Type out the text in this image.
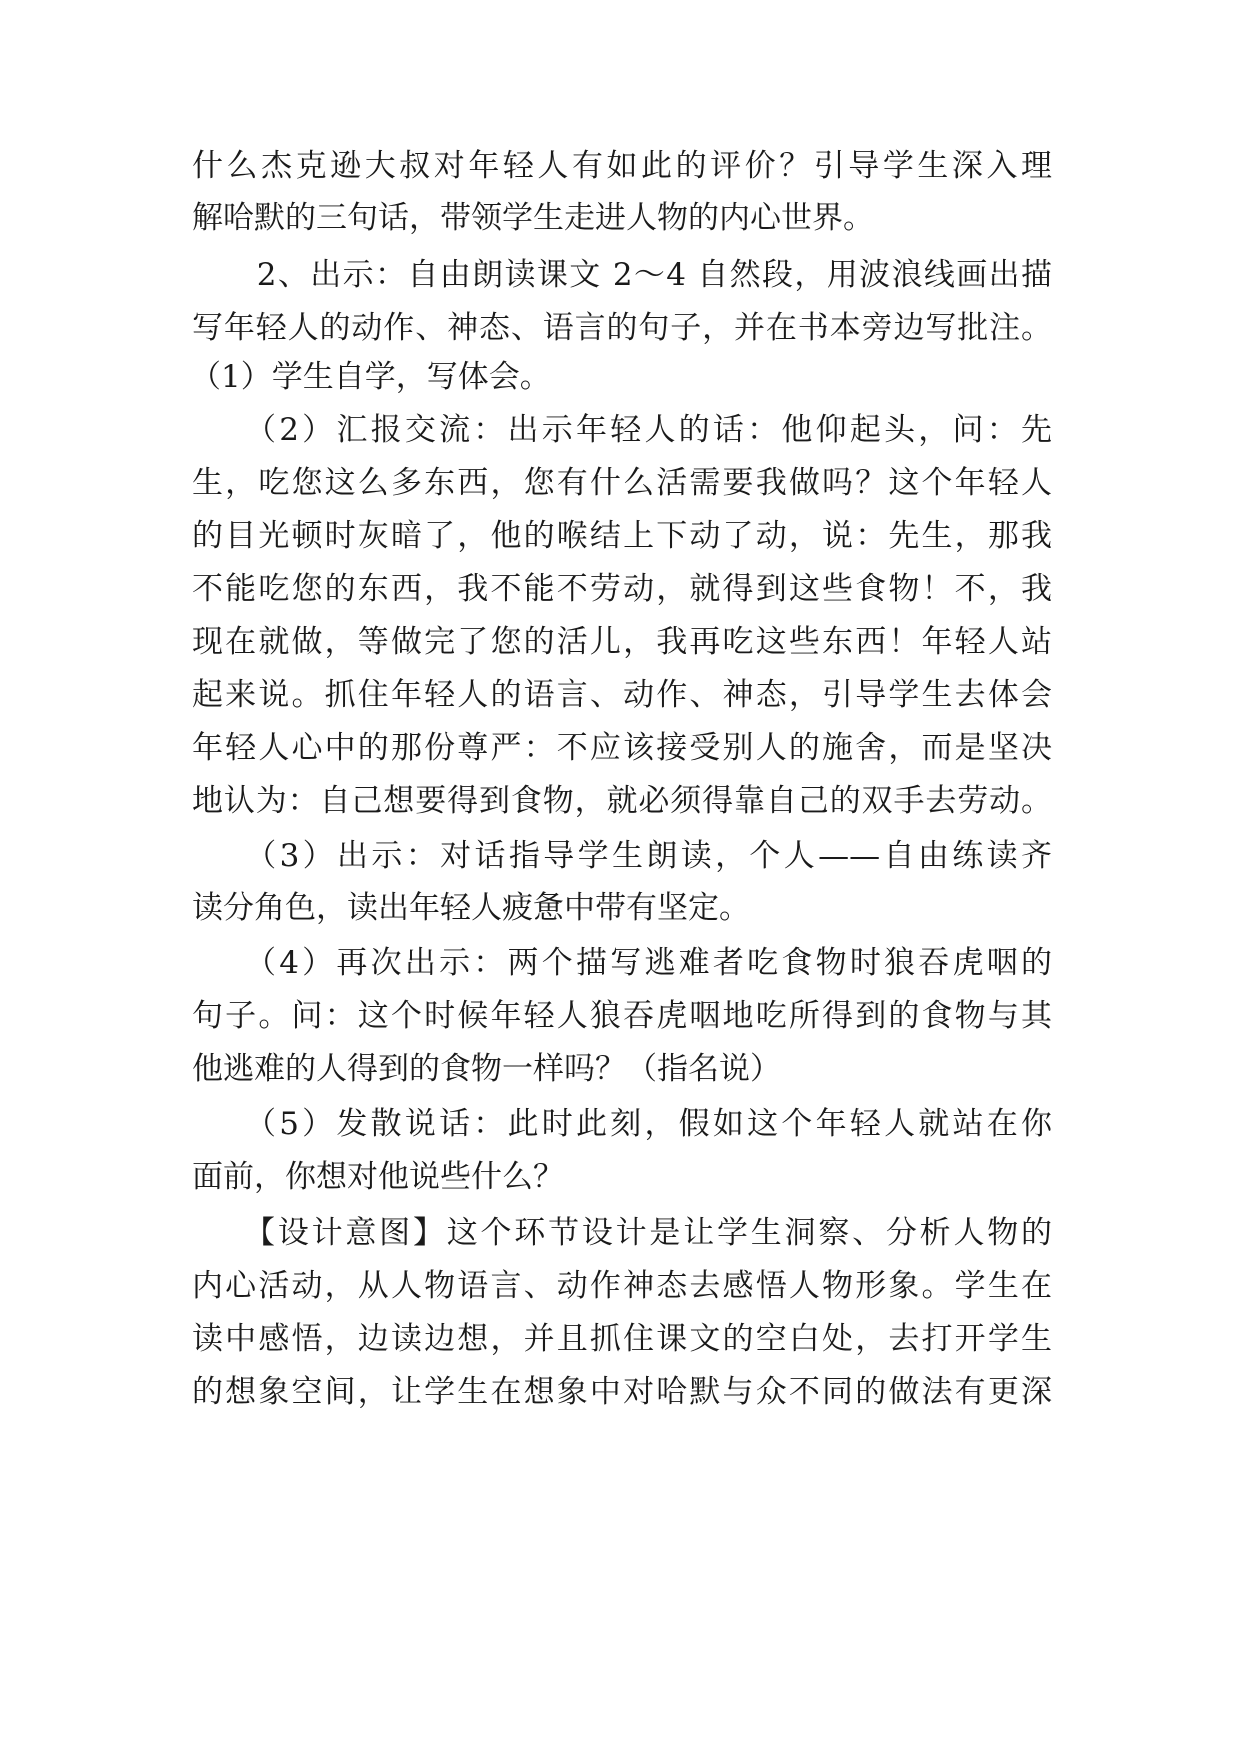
什么杰克逊大叔对年轻人有如此的评价？引导学生深入理
解哈默的三句话，带领学生走进人物的内心世界。
　　2、出示：自由朗读课文 2～4 自然段，用波浪线画出描
写年轻人的动作、神态、语言的句子，并在书本旁边写批注。
（1）学生自学，写体会。
　　（2）汇报交流：出示年轻人的话：他仰起头，问：先
生，吃您这么多东西，您有什么活需要我做吗？这个年轻人
的目光顿时灰暗了，他的喉结上下动了动，说：先生，那我
不能吃您的东西，我不能不劳动，就得到这些食物！不，我
现在就做，等做完了您的活儿，我再吃这些东西！年轻人站
起来说。抓住年轻人的语言、动作、神态，引导学生去体会
年轻人心中的那份尊严：不应该接受别人的施舍，而是坚决
地认为：自己想要得到食物，就必须得靠自己的双手去劳动。
　　（3）出示：对话指导学生朗读，个人——自由练读齐
读分角色，读出年轻人疲惫中带有坚定。
　　（4）再次出示：两个描写逃难者吃食物时狼吞虎咽的
句子。问：这个时候年轻人狼吞虎咽地吃所得到的食物与其
他逃难的人得到的食物一样吗？（指名说）
　　（5）发散说话：此时此刻，假如这个年轻人就站在你
面前，你想对他说些什么？
　　【设计意图】这个环节设计是让学生洞察、分析人物的
内心活动，从人物语言、动作神态去感悟人物形象。学生在
读中感悟，边读边想，并且抓住课文的空白处，去打开学生
的想象空间，让学生在想象中对哈默与众不同的做法有更深
